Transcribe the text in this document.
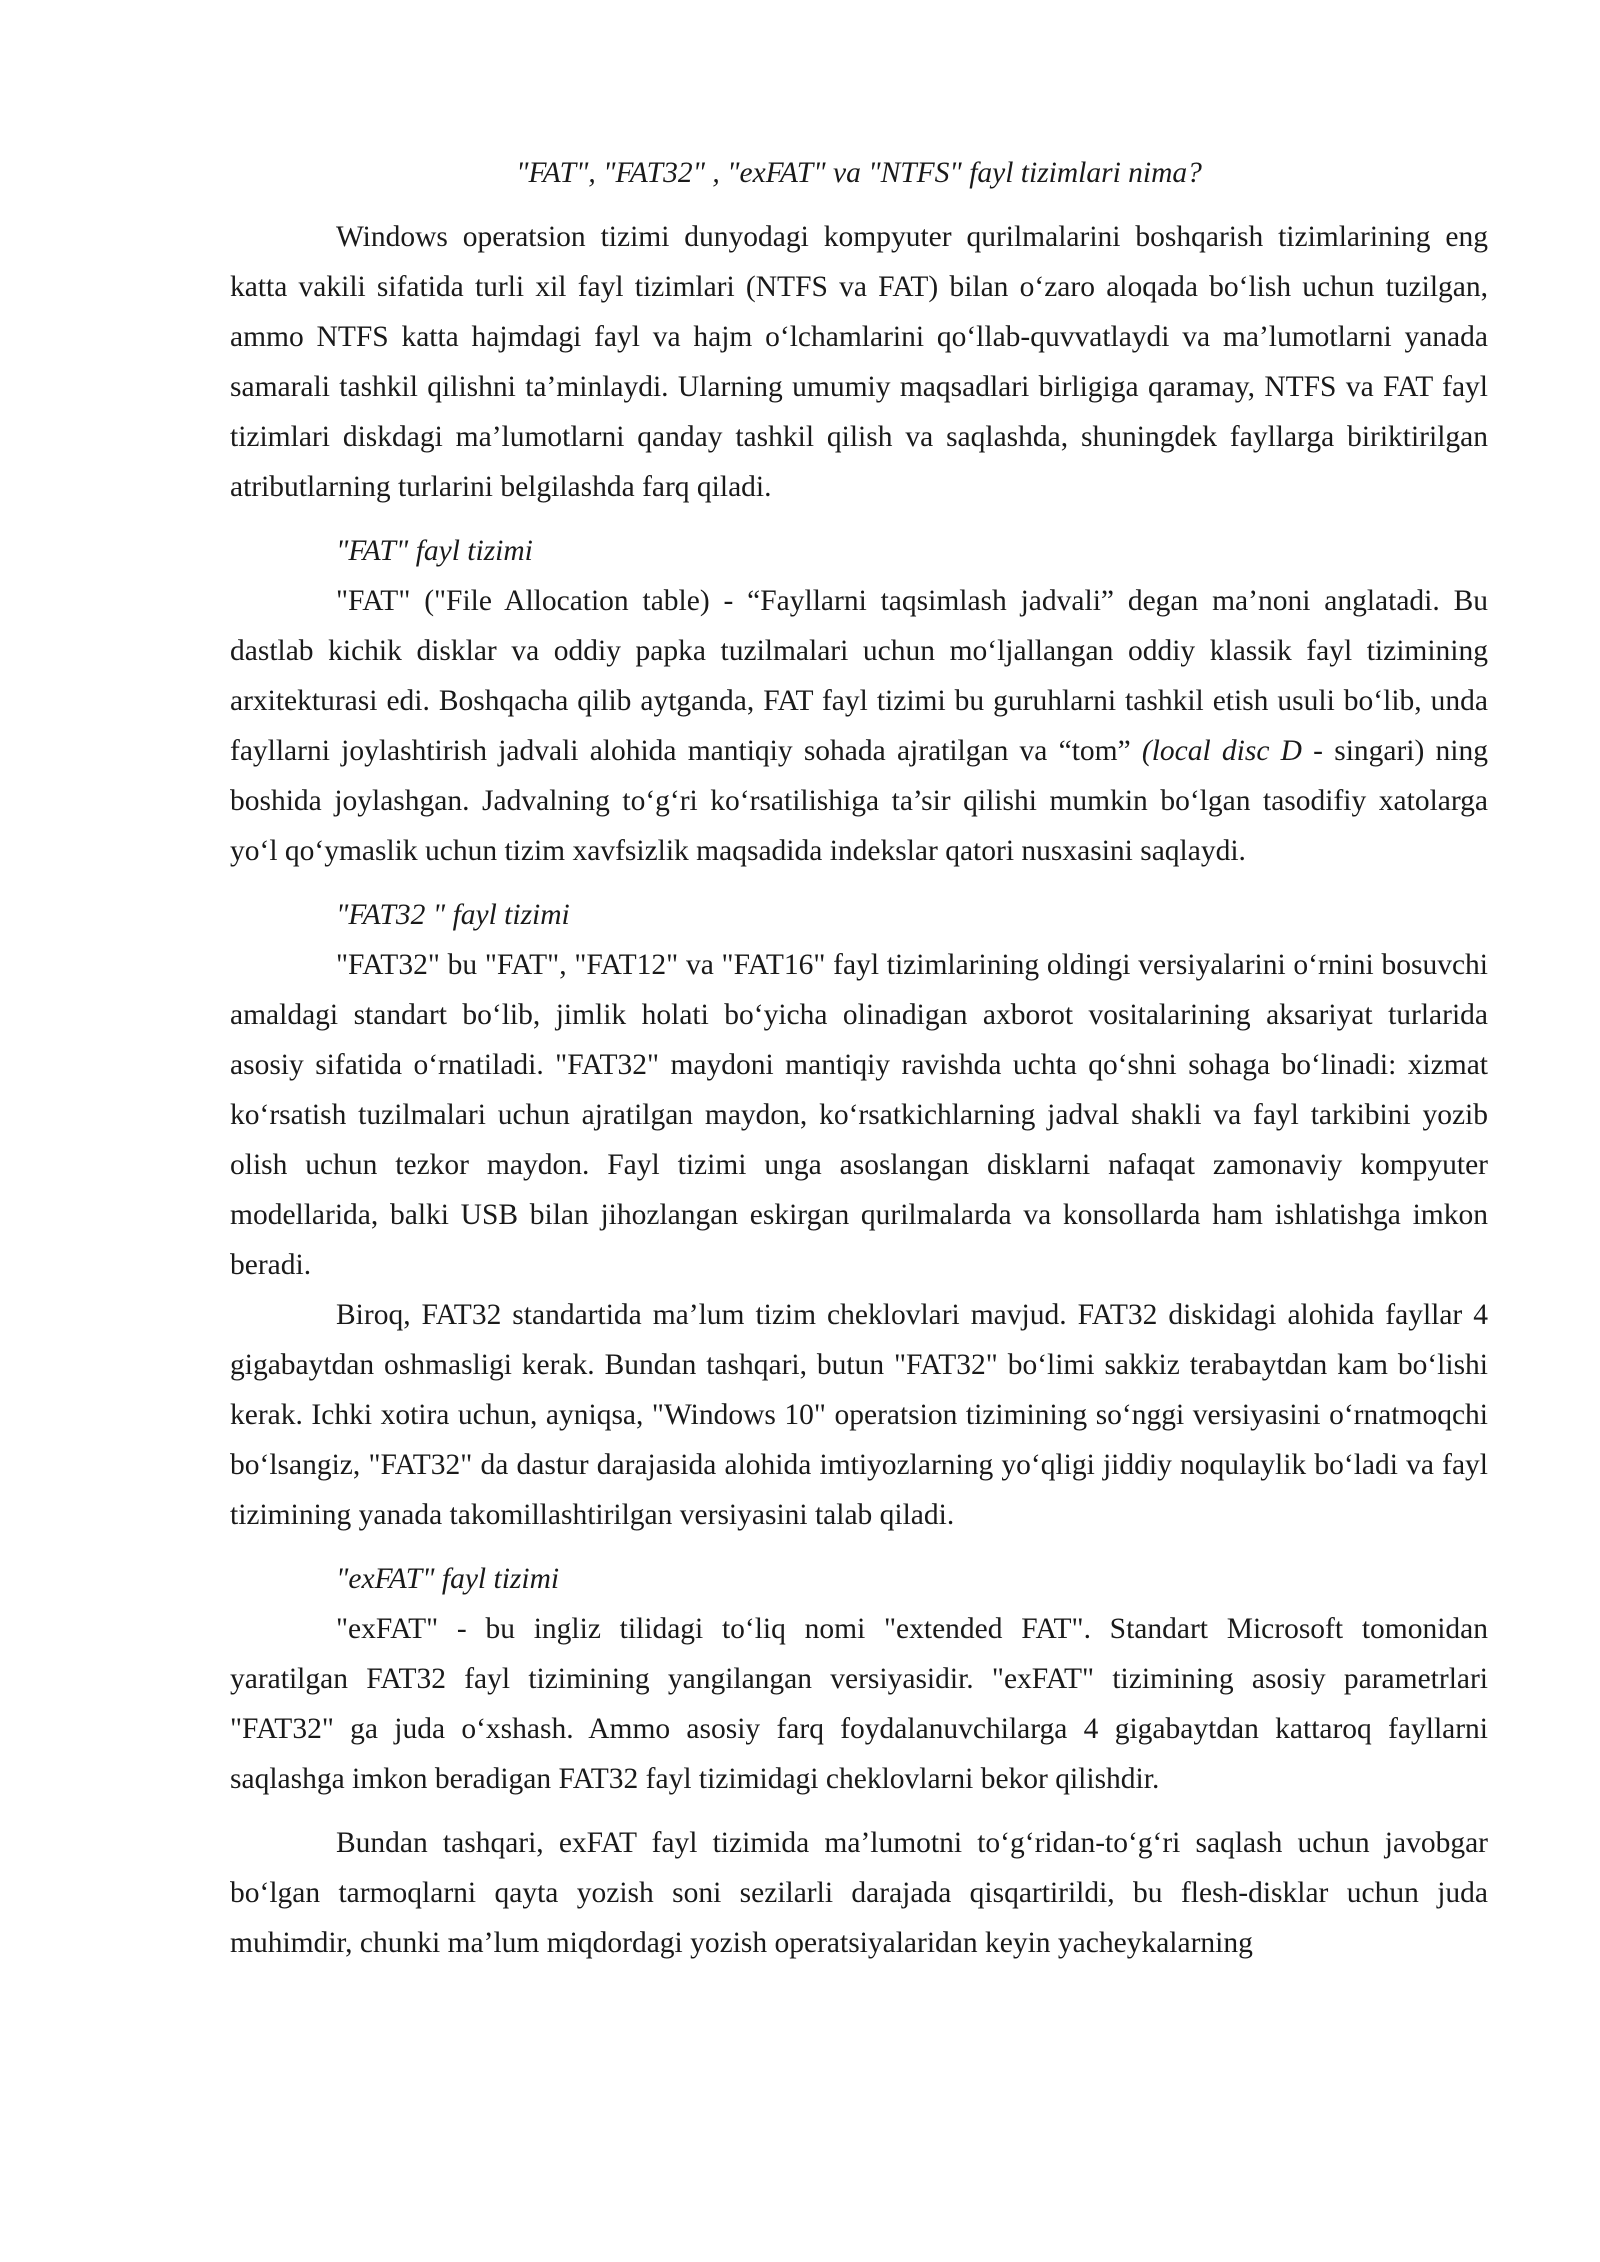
"FAT", "FAT32" , "exFAT" va "NTFS" fayl tizimlari nima?

Windows operatsion tizimi dunyodagi kompyuter qurilmalarini boshqarish tizimlarining eng katta vakili sifatida turli xil fayl tizimlari (NTFS va FAT) bilan o‘zaro aloqada bo‘lish uchun tuzilgan, ammo NTFS katta hajmdagi fayl va hajm o‘lchamlarini qo‘llab-quvvatlaydi va ma’lumotlarni yanada samarali tashkil qilishni ta’minlaydi. Ularning umumiy maqsadlari birligiga qaramay, NTFS va FAT fayl tizimlari diskdagi ma’lumotlarni qanday tashkil qilish va saqlashda, shuningdek fayllarga biriktirilgan atributlarning turlarini belgilashda farq qiladi.

"FAT" fayl tizimi

"FAT" ("File Allocation table) - “Fayllarni taqsimlash jadvali” degan ma’noni anglatadi. Bu dastlab kichik disklar va oddiy papka tuzilmalari uchun mo‘ljallangan oddiy klassik fayl tizimining arxitekturasi edi. Boshqacha qilib aytganda, FAT fayl tizimi bu guruhlarni tashkil etish usuli bo‘lib, unda fayllarni joylashtirish jadvali alohida mantiqiy sohada ajratilgan va “tom” (local disc D - singari) ning boshida joylashgan. Jadvalning to‘g‘ri ko‘rsatilishiga ta’sir qilishi mumkin bo‘lgan tasodifiy xatolarga yo‘l qo‘ymaslik uchun tizim xavfsizlik maqsadida indekslar qatori nusxasini saqlaydi.

"FAT32 " fayl tizimi

"FAT32" bu "FAT", "FAT12" va "FAT16" fayl tizimlarining oldingi versiyalarini o‘rnini bosuvchi amaldagi standart bo‘lib, jimlik holati bo‘yicha olinadigan axborot vositalarining aksariyat turlarida asosiy sifatida o‘rnatiladi. "FAT32" maydoni mantiqiy ravishda uchta qo‘shni sohaga bo‘linadi: xizmat ko‘rsatish tuzilmalari uchun ajratilgan maydon, ko‘rsatkichlarning jadval shakli va fayl tarkibini yozib olish uchun tezkor maydon. Fayl tizimi unga asoslangan disklarni nafaqat zamonaviy kompyuter modellarida, balki USB bilan jihozlangan eskirgan qurilmalarda va konsollarda ham ishlatishga imkon beradi.

Biroq, FAT32 standartida ma’lum tizim cheklovlari mavjud. FAT32 diskidagi alohida fayllar 4 gigabaytdan oshmasligi kerak. Bundan tashqari, butun "FAT32" bo‘limi sakkiz terabaytdan kam bo‘lishi kerak. Ichki xotira uchun, ayniqsa, "Windows 10" operatsion tizimining so‘nggi versiyasini o‘rnatmoqchi bo‘lsangiz, "FAT32" da dastur darajasida alohida imtiyozlarning yo‘qligi jiddiy noqulaylik bo‘ladi va fayl tizimining yanada takomillashtirilgan versiyasini talab qiladi.

"exFAT" fayl tizimi

"exFAT" - bu ingliz tilidagi to‘liq nomi "extended FAT". Standart Microsoft tomonidan yaratilgan FAT32 fayl tizimining yangilangan versiyasidir. "exFAT" tizimining asosiy parametrlari "FAT32" ga juda o‘xshash. Ammo asosiy farq foydalanuvchilarga 4 gigabaytdan kattaroq fayllarni saqlashga imkon beradigan FAT32 fayl tizimidagi cheklovlarni bekor qilishdir.

Bundan tashqari, exFAT fayl tizimida ma’lumotni to‘g‘ridan-to‘g‘ri saqlash uchun javobgar bo‘lgan tarmoqlarni qayta yozish soni sezilarli darajada qisqartirildi, bu flesh-disklar uchun juda muhimdir, chunki ma’lum miqdordagi yozish operatsiyalaridan keyin yacheykalarning
